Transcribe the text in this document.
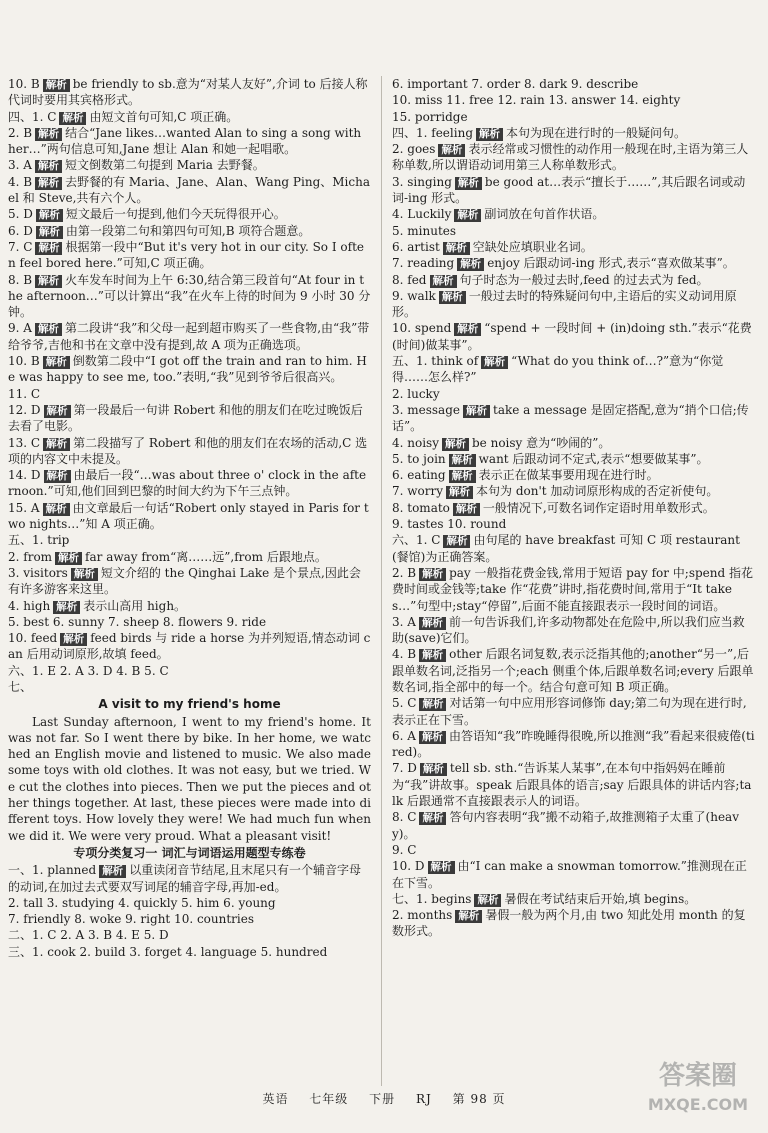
10. B 解析 be friendly to sb.意为“对某人友好”,介词 to 后接人称代词时要用其宾格形式。
四、1. C 解析 由短文首句可知,C 项正确。
2. B 解析 结合“Jane likes…wanted Alan to sing a song with her…”两句信息可知,Jane 想让 Alan 和她一起唱歌。
3. A 解析 短文倒数第二句提到 Maria 去野餐。
4. B 解析 去野餐的有 Maria、Jane、Alan、Wang Ping、Michael 和 Steve,共有六个人。
5. D 解析 短文最后一句提到,他们今天玩得很开心。
6. D 解析 由第一段第二句和第四句可知,B 项符合题意。
7. C 解析 根据第一段中“But it's very hot in our city. So I often feel bored here.”可知,C 项正确。
8. B 解析 火车发车时间为上午 6:30,结合第三段首句“At four in the afternoon…”可以计算出“我”在火车上待的时间为 9 小时 30 分钟。
9. A 解析 第二段讲“我”和父母一起到超市购买了一些食物,由“我”带给爷爷,吉他和书在文章中没有提到,故 A 项为正确选项。
10. B 解析 倒数第二段中“I got off the train and ran to him. He was happy to see me, too.”表明,“我”见到爷爷后很高兴。
11. C
12. D 解析 第一段最后一句讲 Robert 和他的朋友们在吃过晚饭后去看了电影。
13. C 解析 第二段描写了 Robert 和他的朋友们在农场的活动,C 选项的内容文中未提及。
14. D 解析 由最后一段“…was about three o' clock in the afternoon.”可知,他们回到巴黎的时间大约为下午三点钟。
15. A 解析 由文章最后一句话“Robert only stayed in Paris for two nights…”知 A 项正确。
五、1. trip
2. from 解析 far away from“离……远”,from 后跟地点。
3. visitors 解析 短文介绍的 the Qinghai Lake 是个景点,因此会有许多游客来这里。
4. high 解析 表示山高用 high。
5. best 6. sunny 7. sheep 8. flowers 9. ride
10. feed 解析 feed birds 与 ride a horse 为并列短语,情态动词 can 后用动词原形,故填 feed。
六、1. E 2. A 3. D 4. B 5. C
七、
A visit to my friend's home

Last Sunday afternoon, I went to my friend's home. It was not far. So I went there by bike. In her home, we watched an English movie and listened to music. We also made some toys with old clothes. It was not easy, but we tried. We cut the clothes into pieces. Then we put the pieces and other things together. At last, these pieces were made into different toys. How lovely they were! We had much fun when we did it. We were very proud. What a pleasant visit!

专项分类复习一 词汇与词语运用题型专练卷
一、1. planned 解析 以重读闭音节结尾,且末尾只有一个辅音字母的动词,在加过去式要双写词尾的辅音字母,再加-ed。
2. tall 3. studying 4. quickly 5. him 6. young
7. friendly 8. woke 9. right 10. countries
二、1. C 2. A 3. B 4. E 5. D
三、1. cook 2. build 3. forget 4. language 5. hundred
6. important 7. order 8. dark 9. describe
10. miss 11. free 12. rain 13. answer 14. eighty
15. porridge
四、1. feeling 解析 本句为现在进行时的一般疑问句。
2. goes 解析 表示经常或习惯性的动作用一般现在时,主语为第三人称单数,所以谓语动词用第三人称单数形式。
3. singing 解析 be good at…表示“擅长于……”,其后跟名词或动词-ing 形式。
4. Luckily 解析 副词放在句首作状语。
5. minutes
6. artist 解析 空缺处应填职业名词。
7. reading 解析 enjoy 后跟动词-ing 形式,表示“喜欢做某事”。
8. fed 解析 句子时态为一般过去时,feed 的过去式为 fed。
9. walk 解析 一般过去时的特殊疑问句中,主语后的实义动词用原形。
10. spend 解析 “spend + 一段时间 + (in)doing sth.”表示“花费(时间)做某事”。
五、1. think of 解析 “What do you think of…?”意为“你觉得……怎么样?”
2. lucky
3. message 解析 take a message 是固定搭配,意为“捎个口信;传话”。
4. noisy 解析 be noisy 意为“吵闹的”。
5. to join 解析 want 后跟动词不定式,表示“想要做某事”。
6. eating 解析 表示正在做某事要用现在进行时。
7. worry 解析 本句为 don't 加动词原形构成的否定祈使句。
8. tomato 解析 一般情况下,可数名词作定语时用单数形式。
9. tastes 10. round
六、1. C 解析 由句尾的 have breakfast 可知 C 项 restaurant(餐馆)为正确答案。
2. B 解析 pay 一般指花费金钱,常用于短语 pay for 中;spend 指花费时间或金钱等;take 作“花费”讲时,指花费时间,常用于“It takes…”句型中;stay“停留”,后面不能直接跟表示一段时间的词语。
3. A 解析 前一句告诉我们,许多动物都处在危险中,所以我们应当救助(save)它们。
4. B 解析 other 后跟名词复数,表示泛指其他的;another“另一”,后跟单数名词,泛指另一个;each 侧重个体,后跟单数名词;every 后跟单数名词,指全部中的每一个。结合句意可知 B 项正确。
5. C 解析 对话第一句中应用形容词修饰 day;第二句为现在进行时,表示正在下雪。
6. A 解析 由答语知“我”昨晚睡得很晚,所以推测“我”看起来很疲倦(tired)。
7. D 解析 tell sb. sth.“告诉某人某事”,在本句中指妈妈在睡前为“我”讲故事。speak 后跟具体的语言;say 后跟具体的讲话内容;talk 后跟通常不直接跟表示人的词语。
8. C 解析 答句内容表明“我”搬不动箱子,故推测箱子太重了(heavy)。
9. C
10. D 解析 由“I can make a snowman tomorrow.”推测现在正在下雪。
七、1. begins 解析 暑假在考试结束后开始,填 begins。
2. months 解析 暑假一般为两个月,由 two 知此处用 month 的复数形式。
英语 七年级 下册 RJ 第 98 页
答案圈
MXQE.COM
